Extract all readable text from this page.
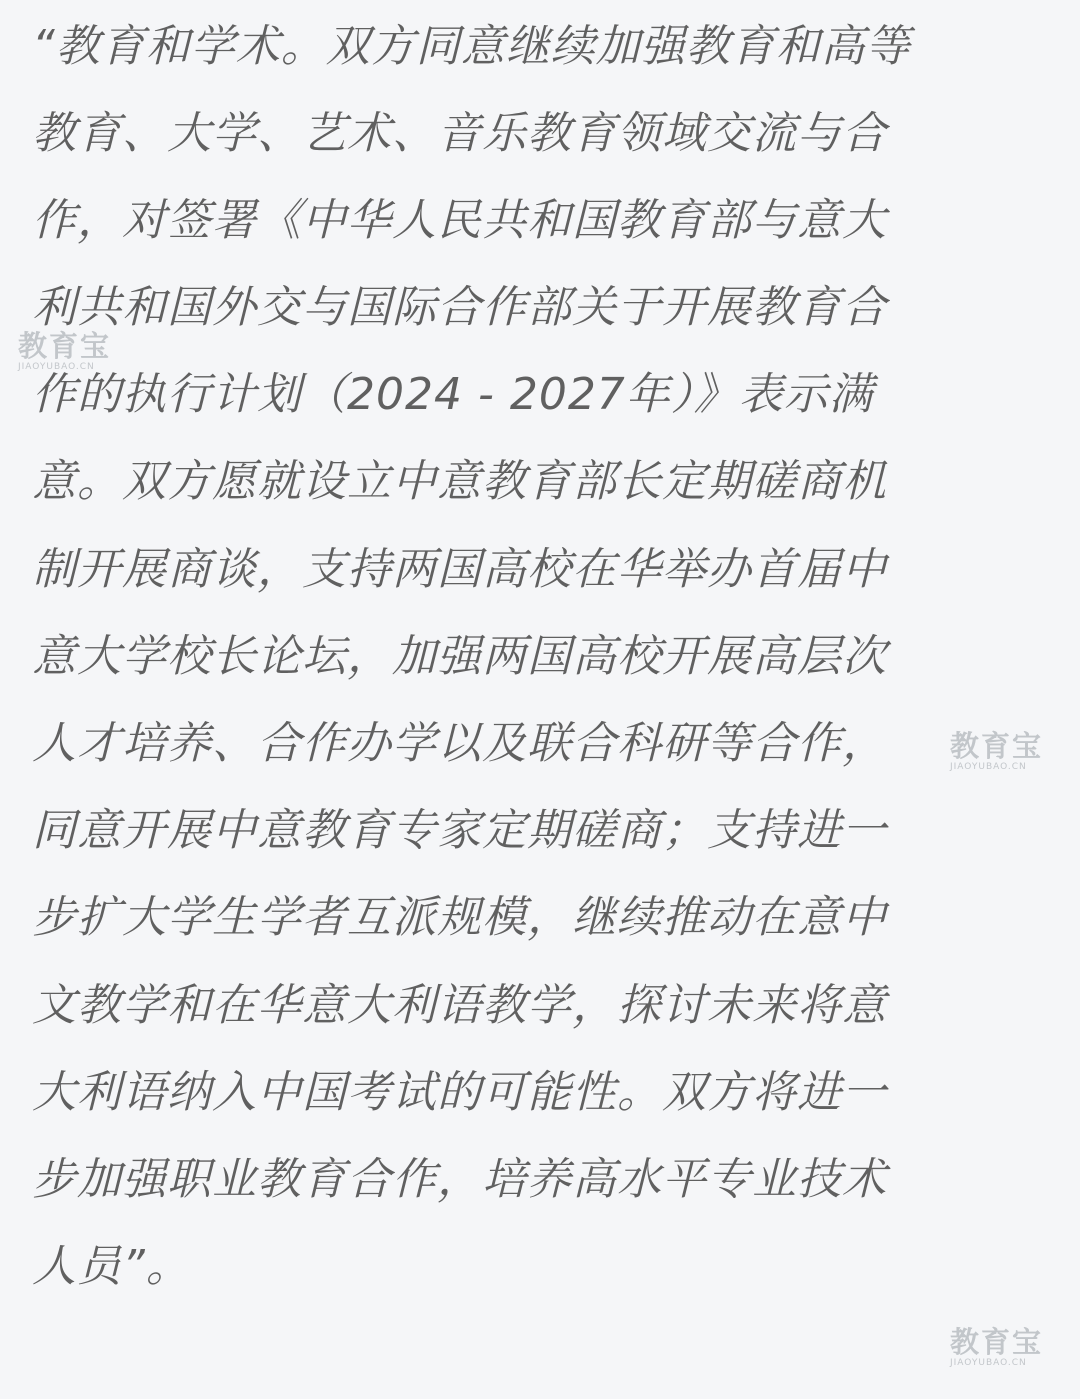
“教育和学术。双方同意继续加强教育和高等
教育、大学、艺术、音乐教育领域交流与合
作，对签署《中华人民共和国教育部与意大
利共和国外交与国际合作部关于开展教育合
作的执行计划（2024 - 2027年）》表示满
意。双方愿就设立中意教育部长定期磋商机
制开展商谈，支持两国高校在华举办首届中
意大学校长论坛，加强两国高校开展高层次
人才培养、合作办学以及联合科研等合作，
同意开展中意教育专家定期磋商；支持进一
步扩大学生学者互派规模，继续推动在意中
文教学和在华意大利语教学，探讨未来将意
大利语纳入中国考试的可能性。双方将进一
步加强职业教育合作，培养高水平专业技术
人员”。
教育宝
JIAOYUBAO.CN
教育宝
JIAOYUBAO.CN
教育宝
JIAOYUBAO.CN
